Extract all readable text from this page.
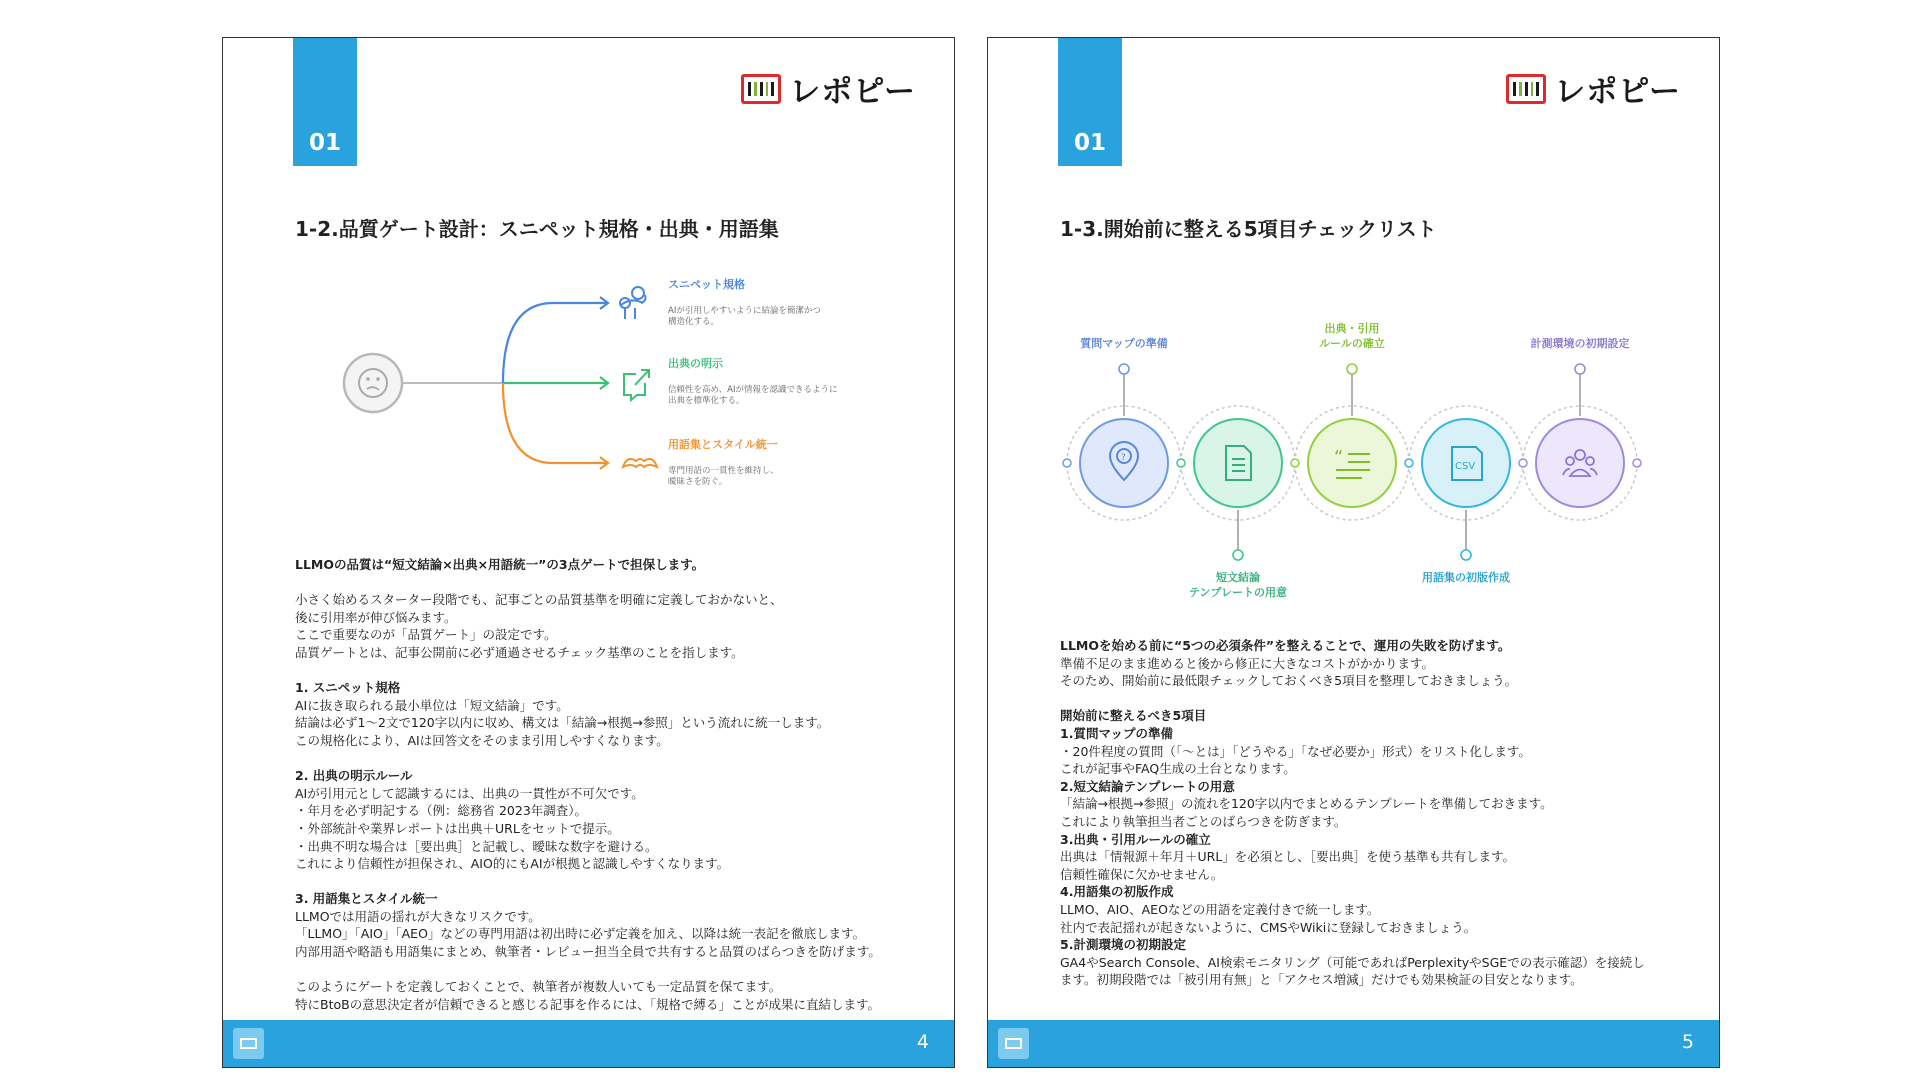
01
レポピー
1-2.品質ゲート設計：スニペット規格・出典・用語集
スニペット規格
AIが引用しやすいように結論を簡潔かつ
構造化する。
出典の明示
信頼性を高め、AIが情報を認識できるように
出典を標準化する。
用語集とスタイル統一
専門用語の一貫性を維持し、
曖昧さを防ぐ。
LLMOの品質は“短文結論×出典×用語統一”の3点ゲートで担保します。
小さく始めるスターター段階でも、記事ごとの品質基準を明確に定義しておかないと、
後に引用率が伸び悩みます。
ここで重要なのが「品質ゲート」の設定です。
品質ゲートとは、記事公開前に必ず通過させるチェック基準のことを指します。
1. スニペット規格
AIに抜き取られる最小単位は「短文結論」です。
結論は必ず1〜2文で120字以内に収め、構文は「結論→根拠→参照」という流れに統一します。
この規格化により、AIは回答文をそのまま引用しやすくなります。
2. 出典の明示ルール
AIが引用元として認識するには、出典の一貫性が不可欠です。
・年月を必ず明記する（例：総務省 2023年調査）。
・外部統計や業界レポートは出典＋URLをセットで提示。
・出典不明な場合は［要出典］と記載し、曖昧な数字を避ける。
これにより信頼性が担保され、AIO的にもAIが根拠と認識しやすくなります。
3. 用語集とスタイル統一
LLMOでは用語の揺れが大きなリスクです。
「LLMO」「AIO」「AEO」などの専門用語は初出時に必ず定義を加え、以降は統一表記を徹底します。
内部用語や略語も用語集にまとめ、執筆者・レビュー担当全員で共有すると品質のばらつきを防げます。
このようにゲートを定義しておくことで、執筆者が複数人いても一定品質を保てます。
特にBtoBの意思決定者が信頼できると感じる記事を作るには、「規格で縛る」ことが成果に直結します。
4
01
レポピー
1-3.開始前に整える5項目チェックリスト
?	“	CSV
質問マップの準備
出典・引用
ルールの確立	計測環境の初期設定
短文結論
テンプレートの用意
用語集の初版作成
LLMOを始める前に“5つの必須条件”を整えることで、運用の失敗を防げます。
準備不足のまま進めると後から修正に大きなコストがかかります。
そのため、開始前に最低限チェックしておくべき5項目を整理しておきましょう。
開始前に整えるべき5項目
1.質問マップの準備
・20件程度の質問（「〜とは」「どうやる」「なぜ必要か」形式）をリスト化します。
これが記事やFAQ生成の土台となります。
2.短文結論テンプレートの用意
「結論→根拠→参照」の流れを120字以内でまとめるテンプレートを準備しておきます。
これにより執筆担当者ごとのばらつきを防ぎます。
3.出典・引用ルールの確立
出典は「情報源＋年月＋URL」を必須とし、［要出典］を使う基準も共有します。
信頼性確保に欠かせません。
4.用語集の初版作成
LLMO、AIO、AEOなどの用語を定義付きで統一します。
社内で表記揺れが起きないように、CMSやWikiに登録しておきましょう。
5.計測環境の初期設定
GA4やSearch Console、AI検索モニタリング（可能であればPerplexityやSGEでの表示確認）を接続し
ます。初期段階では「被引用有無」と「アクセス増減」だけでも効果検証の目安となります。
5
